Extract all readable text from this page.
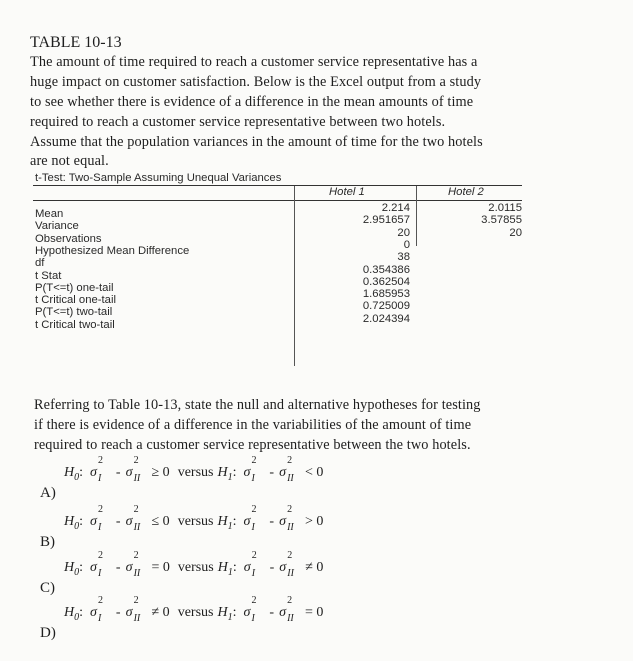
TABLE 10-13
The amount of time required to reach a customer service representative has a
huge impact on customer satisfaction. Below is the Excel output from a study
to see whether there is evidence of a difference in the mean amounts of time
required to reach a customer service representative between two hotels.
Assume that the population variances in the amount of time for the two hotels
are not equal.
t-Test: Two-Sample Assuming Unequal Variances
Hotel 1	Hotel 2
Mean	2.214	2.0115
Variance	2.951657	3.57855
Observations	20	20
Hypothesized Mean Difference	0
df	38
t Stat	0.354386
P(T<=t) one-tail	0.362504
t Critical one-tail	1.685953
P(T<=t) two-tail	0.725009
t Critical two-tail	2.024394
Referring to Table 10-13, state the null and alternative hypotheses for testing
if there is evidence of a difference in the variabilities of the amount of time
required to reach a customer service representative between the two hotels.
A)
H 0 : σ
2
I - σ
2
II ≥ 0 versus H 1 : σ
2
I - σ
2
II < 0
B)
H 0 : σ
2
I - σ
2
II ≤ 0 versus H 1 : σ
2
I - σ
2
II > 0
C)
H 0 : σ
2
I - σ
2
II = 0 versus H 1 : σ
2
I - σ
2
II ≠ 0
D)
H 0 : σ
2
I - σ
2
II ≠ 0 versus H 1 : σ
2
I - σ
2
II = 0
